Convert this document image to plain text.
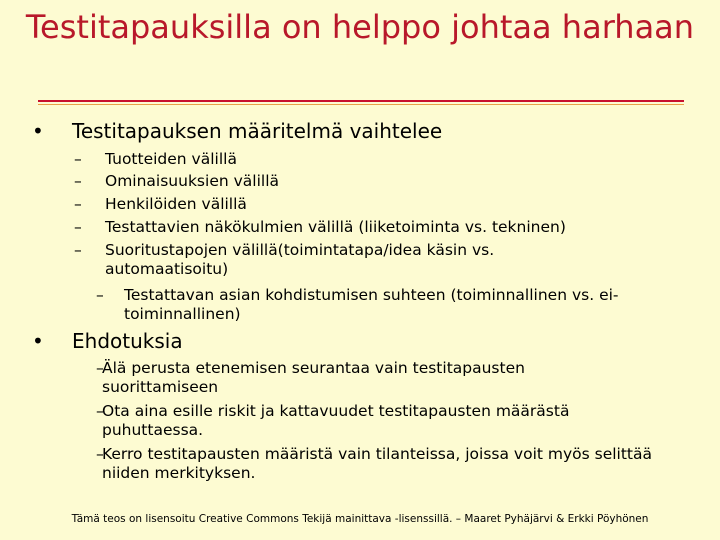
Testitapauksilla on helppo johtaa harhaan
• Testitapauksen määritelmä vaihtelee
– Tuotteiden välillä
– Ominaisuuksien välillä
– Henkilöiden välillä
– Testattavien näkökulmien välillä (liiketoiminta vs. tekninen)
– Suoritustapojen välillä(toimintatapa/idea käsin vs. automaatisoitu)
– Testattavan asian kohdistumisen suhteen (toiminnallinen vs. ei-toiminnallinen)
• Ehdotuksia
–
Älä perusta etenemisen seurantaa vain testitapausten suorittamiseen
–
Ota aina esille riskit ja kattavuudet testitapausten määrästä puhuttaessa.
–
Kerro testitapausten määristä vain tilanteissa, joissa voit myös selittää niiden merkityksen.
Tämä teos on lisensoitu Creative Commons Tekijä mainittava -lisenssillä. – Maaret Pyhäjärvi & Erkki Pöyhönen
